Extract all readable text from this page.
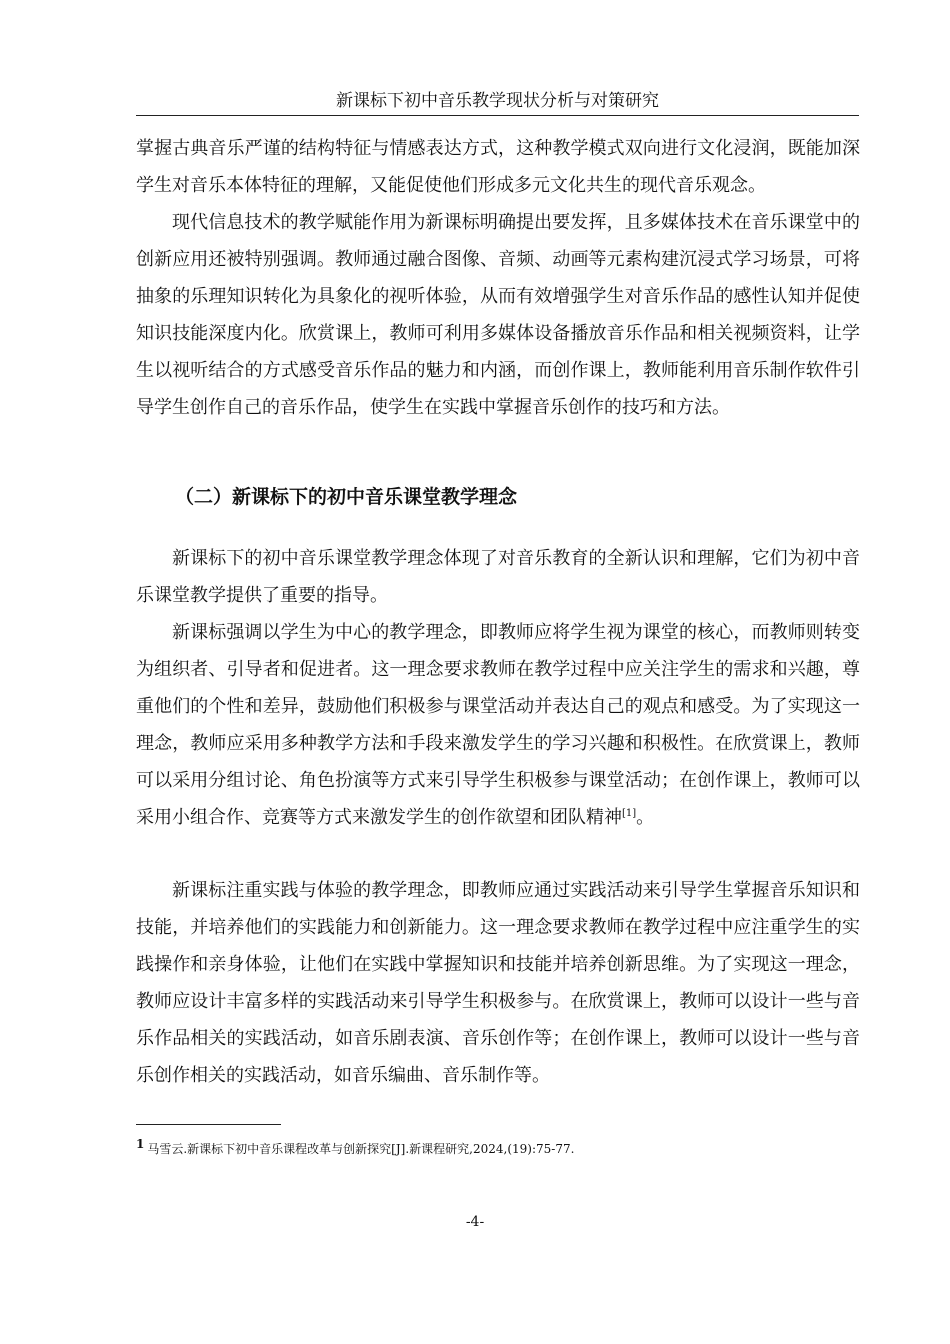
新课标下初中音乐教学现状分析与对策研究

掌握古典音乐严谨的结构特征与情感表达方式，这种教学模式双向进行文化浸润，既能加深学生对音乐本体特征的理解，又能促使他们形成多元文化共生的现代音乐观念。

现代信息技术的教学赋能作用为新课标明确提出要发挥，且多媒体技术在音乐课堂中的创新应用还被特别强调。教师通过融合图像、音频、动画等元素构建沉浸式学习场景，可将抽象的乐理知识转化为具象化的视听体验，从而有效增强学生对音乐作品的感性认知并促使知识技能深度内化。欣赏课上，教师可利用多媒体设备播放音乐作品和相关视频资料，让学生以视听结合的方式感受音乐作品的魅力和内涵，而创作课上，教师能利用音乐制作软件引导学生创作自己的音乐作品，使学生在实践中掌握音乐创作的技巧和方法。

（二）新课标下的初中音乐课堂教学理念

新课标下的初中音乐课堂教学理念体现了对音乐教育的全新认识和理解，它们为初中音乐课堂教学提供了重要的指导。

新课标强调以学生为中心的教学理念，即教师应将学生视为课堂的核心，而教师则转变为组织者、引导者和促进者。这一理念要求教师在教学过程中应关注学生的需求和兴趣，尊重他们的个性和差异，鼓励他们积极参与课堂活动并表达自己的观点和感受。为了实现这一理念，教师应采用多种教学方法和手段来激发学生的学习兴趣和积极性。在欣赏课上，教师可以采用分组讨论、角色扮演等方式来引导学生积极参与课堂活动；在创作课上，教师可以采用小组合作、竞赛等方式来激发学生的创作欲望和团队精神[1]。

新课标注重实践与体验的教学理念，即教师应通过实践活动来引导学生掌握音乐知识和技能，并培养他们的实践能力和创新能力。这一理念要求教师在教学过程中应注重学生的实践操作和亲身体验，让他们在实践中掌握知识和技能并培养创新思维。为了实现这一理念，教师应设计丰富多样的实践活动来引导学生积极参与。在欣赏课上，教师可以设计一些与音乐作品相关的实践活动，如音乐剧表演、音乐创作等；在创作课上，教师可以设计一些与音乐创作相关的实践活动，如音乐编曲、音乐制作等。

$^1$ 马雪云.新课标下初中音乐课程改革与创新探究[J].新课程研究,2024,(19):75-77.
-4-
